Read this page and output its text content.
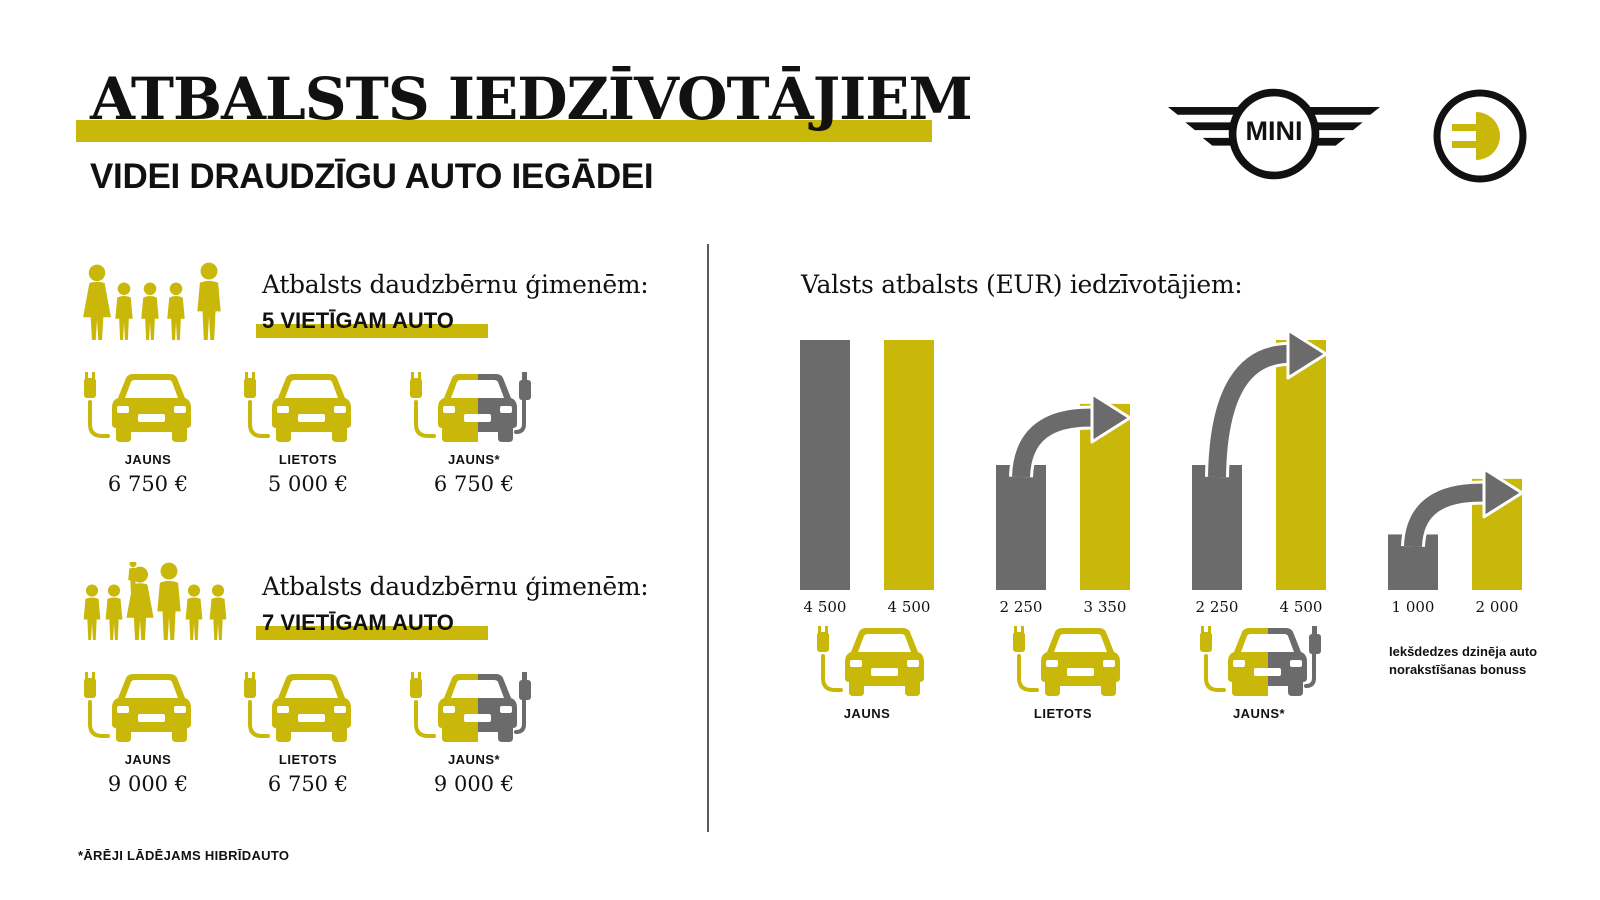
ATBALSTS IEDZĪVOTĀJIEM
VIDEI DRAUDZĪGU AUTO IEGĀDEI
MINI
Atbalsts daudzbērnu ģimenēm:
5 VIETĪGAM AUTO
JAUNS
6 750 €
LIETOTS
5 000 €
JAUNS*
6 750 €
Atbalsts daudzbērnu ģimenēm:
7 VIETĪGAM AUTO
JAUNS
9 000 €
LIETOTS
6 750 €
JAUNS*
9 000 €
*ĀRĒJI LĀDĒJAMS HIBRĪDAUTO
Valsts atbalsts (EUR) iedzīvotājiem:
4 500	4 500
JAUNS
2 250	3 350
LIETOTS
2 250	4 500
JAUNS*
1 000	2 000
Iekšdedzes dzinēja auto norakstīšanas bonuss
